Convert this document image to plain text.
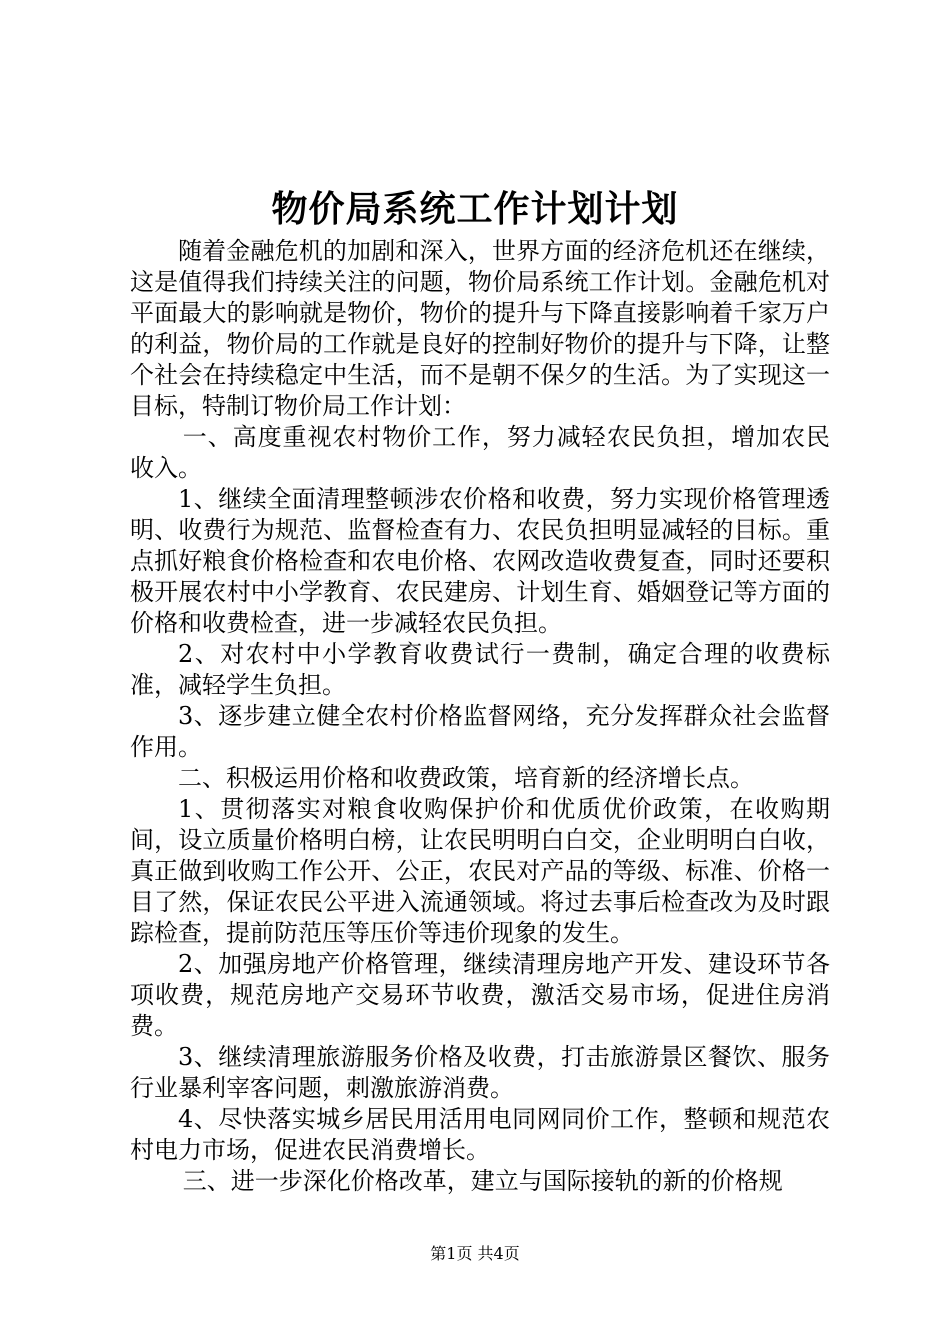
物价局系统工作计划计划

随着金融危机的加剧和深入，世界方面的经济危机还在继续，这是值得我们持续关注的问题，物价局系统工作计划。金融危机对平面最大的影响就是物价，物价的提升与下降直接影响着千家万户的利益，物价局的工作就是良好的控制好物价的提升与下降，让整个社会在持续稳定中生活，而不是朝不保夕的生活。为了实现这一目标，特制订物价局工作计划：

一、高度重视农村物价工作，努力减轻农民负担，增加农民收入。

1、继续全面清理整顿涉农价格和收费，努力实现价格管理透明、收费行为规范、监督检查有力、农民负担明显减轻的目标。重点抓好粮食价格检查和农电价格、农网改造收费复查，同时还要积极开展农村中小学教育、农民建房、计划生育、婚姻登记等方面的价格和收费检查，进一步减轻农民负担。

2、对农村中小学教育收费试行一费制，确定合理的收费标准，减轻学生负担。

3、逐步建立健全农村价格监督网络，充分发挥群众社会监督作用。

二、积极运用价格和收费政策，培育新的经济增长点。

1、贯彻落实对粮食收购保护价和优质优价政策，在收购期间，设立质量价格明白榜，让农民明明白白交，企业明明白白收，真正做到收购工作公开、公正，农民对产品的等级、标准、价格一目了然，保证农民公平进入流通领域。将过去事后检查改为及时跟踪检查，提前防范压等压价等违价现象的发生。

2、加强房地产价格管理，继续清理房地产开发、建设环节各项收费，规范房地产交易环节收费，激活交易市场，促进住房消费。

3、继续清理旅游服务价格及收费，打击旅游景区餐饮、服务行业暴利宰客问题，刺激旅游消费。

4、尽快落实城乡居民用活用电同网同价工作，整顿和规范农村电力市场，促进农民消费增长。

三、进一步深化价格改革，建立与国际接轨的新的价格规

第1页 共4页
